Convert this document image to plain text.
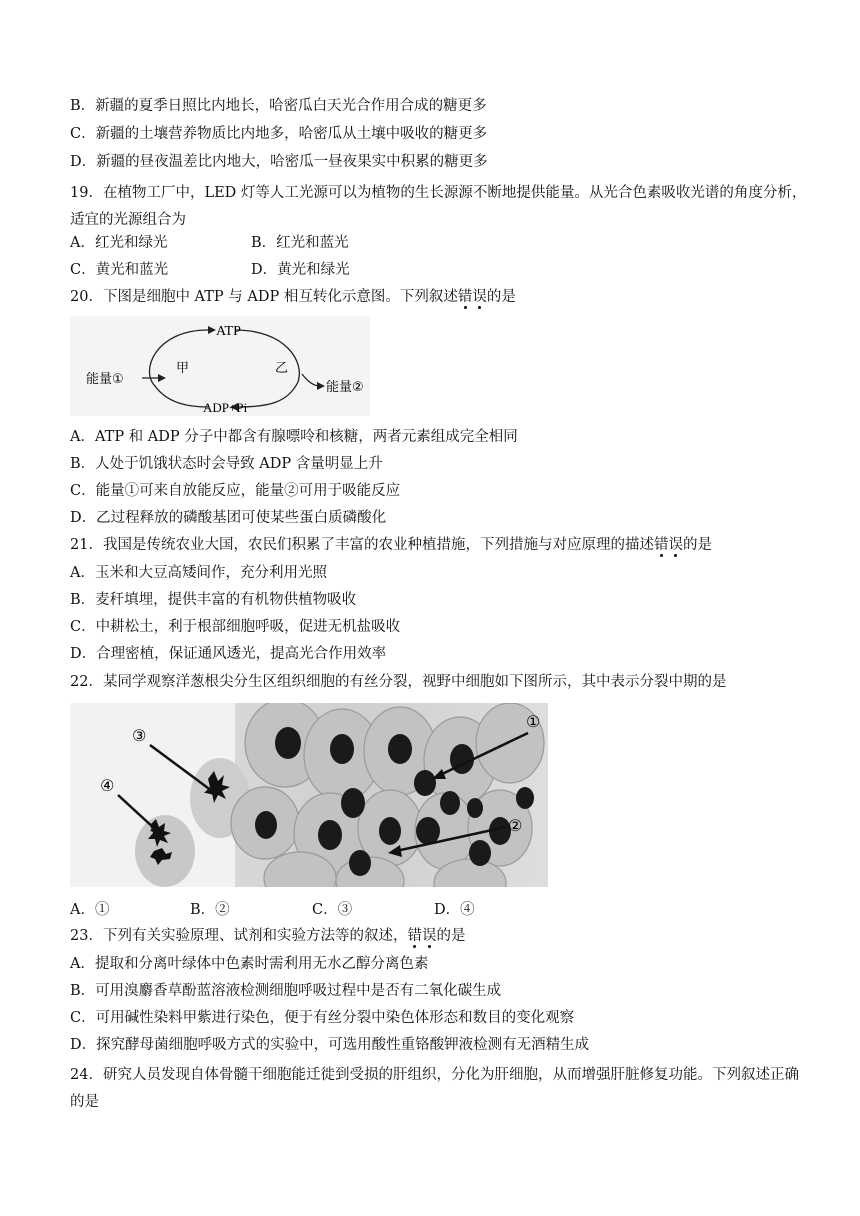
B．新疆的夏季日照比内地长，哈密瓜白天光合作用合成的糖更多
C．新疆的土壤营养物质比内地多，哈密瓜从土壤中吸收的糖更多
D．新疆的昼夜温差比内地大，哈密瓜一昼夜果实中积累的糖更多
19．在植物工厂中，LED 灯等人工光源可以为植物的生长源源不断地提供能量。从光合色素吸收光谱的角度分析，适宜的光源组合为
A．红光和绿光	B．红光和蓝光
C．黄光和蓝光	D．黄光和绿光
20．下图是细胞中 ATP 与 ADP 相互转化示意图。下列叙述错误的是
ATP
ADP+Pi
甲	乙
能量①
能量②
A．ATP 和 ADP 分子中都含有腺嘌呤和核糖，两者元素组成完全相同
B．人处于饥饿状态时会导致 ADP 含量明显上升
C．能量①可来自放能反应，能量②可用于吸能反应
D．乙过程释放的磷酸基团可使某些蛋白质磷酸化
21．我国是传统农业大国，农民们积累了丰富的农业种植措施，下列措施与对应原理的描述错误的是
A．玉米和大豆高矮间作，充分利用光照
B．麦秆填埋，提供丰富的有机物供植物吸收
C．中耕松土，利于根部细胞呼吸，促进无机盐吸收
D．合理密植，保证通风透光，提高光合作用效率
22．某同学观察洋葱根尖分生区组织细胞的有丝分裂，视野中细胞如下图所示，其中表示分裂中期的是
③
④
①
②
A．①	B．②	C．③	D．④
23．下列有关实验原理、试剂和实验方法等的叙述，错误的是
A．提取和分离叶绿体中色素时需利用无水乙醇分离色素
B．可用溴麝香草酚蓝溶液检测细胞呼吸过程中是否有二氧化碳生成
C．可用碱性染料甲紫进行染色，便于有丝分裂中染色体形态和数目的变化观察
D．探究酵母菌细胞呼吸方式的实验中，可选用酸性重铬酸钾液检测有无酒精生成
24．研究人员发现自体骨髓干细胞能迁徙到受损的肝组织，分化为肝细胞，从而增强肝脏修复功能。下列叙述正确的是
